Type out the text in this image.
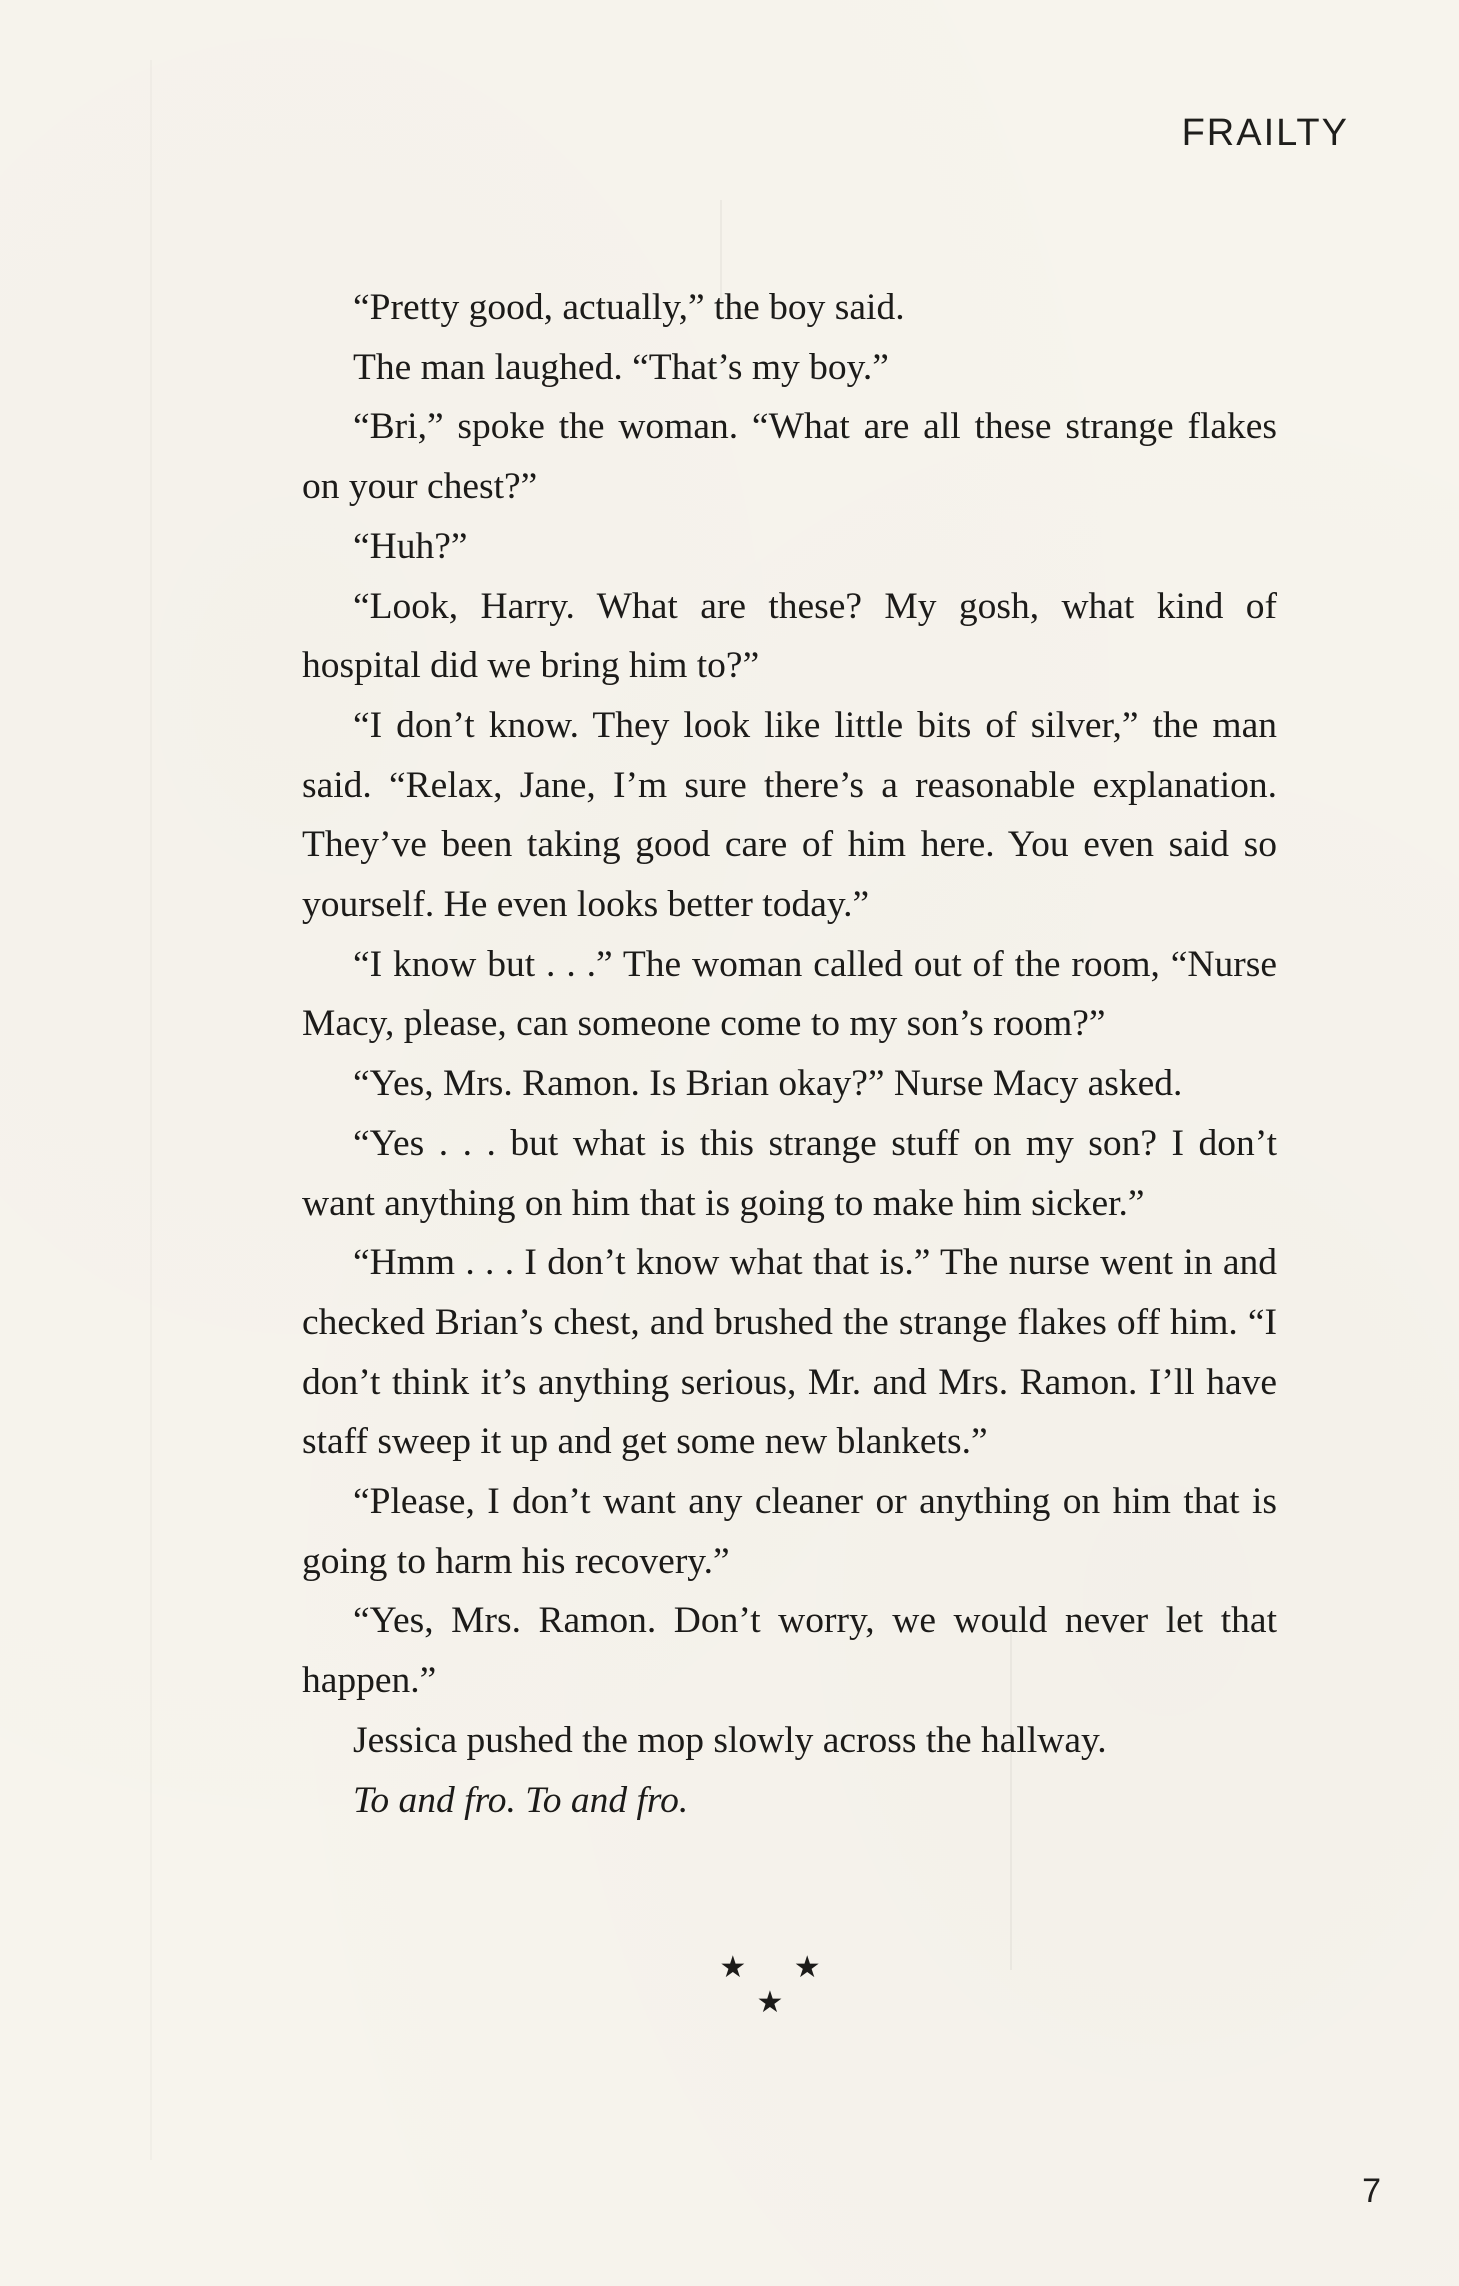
FRAILTY

“Pretty good, actually,” the boy said.

The man laughed. “That’s my boy.”

“Bri,” spoke the woman. “What are all these strange flakes on your chest?”

“Huh?”

“Look, Harry. What are these? My gosh, what kind of hospital did we bring him to?”

“I don’t know. They look like little bits of silver,” the man said. “Relax, Jane, I’m sure there’s a reasonable explanation. They’ve been taking good care of him here. You even said so yourself. He even looks better today.”

“I know but . . .” The woman called out of the room, “Nurse Macy, please, can someone come to my son’s room?”

“Yes, Mrs. Ramon. Is Brian okay?” Nurse Macy asked.

“Yes . . . but what is this strange stuff on my son? I don’t want anything on him that is going to make him sicker.”

“Hmm . . . I don’t know what that is.” The nurse went in and checked Brian’s chest, and brushed the strange flakes off him. “I don’t think it’s anything serious, Mr. and Mrs. Ramon. I’ll have staff sweep it up and get some new blankets.”

“Please, I don’t want any cleaner or anything on him that is going to harm his recovery.”

“Yes, Mrs. Ramon. Don’t worry, we would never let that happen.”

Jessica pushed the mop slowly across the hallway.

To and fro. To and fro.

★ ★ ★
7
